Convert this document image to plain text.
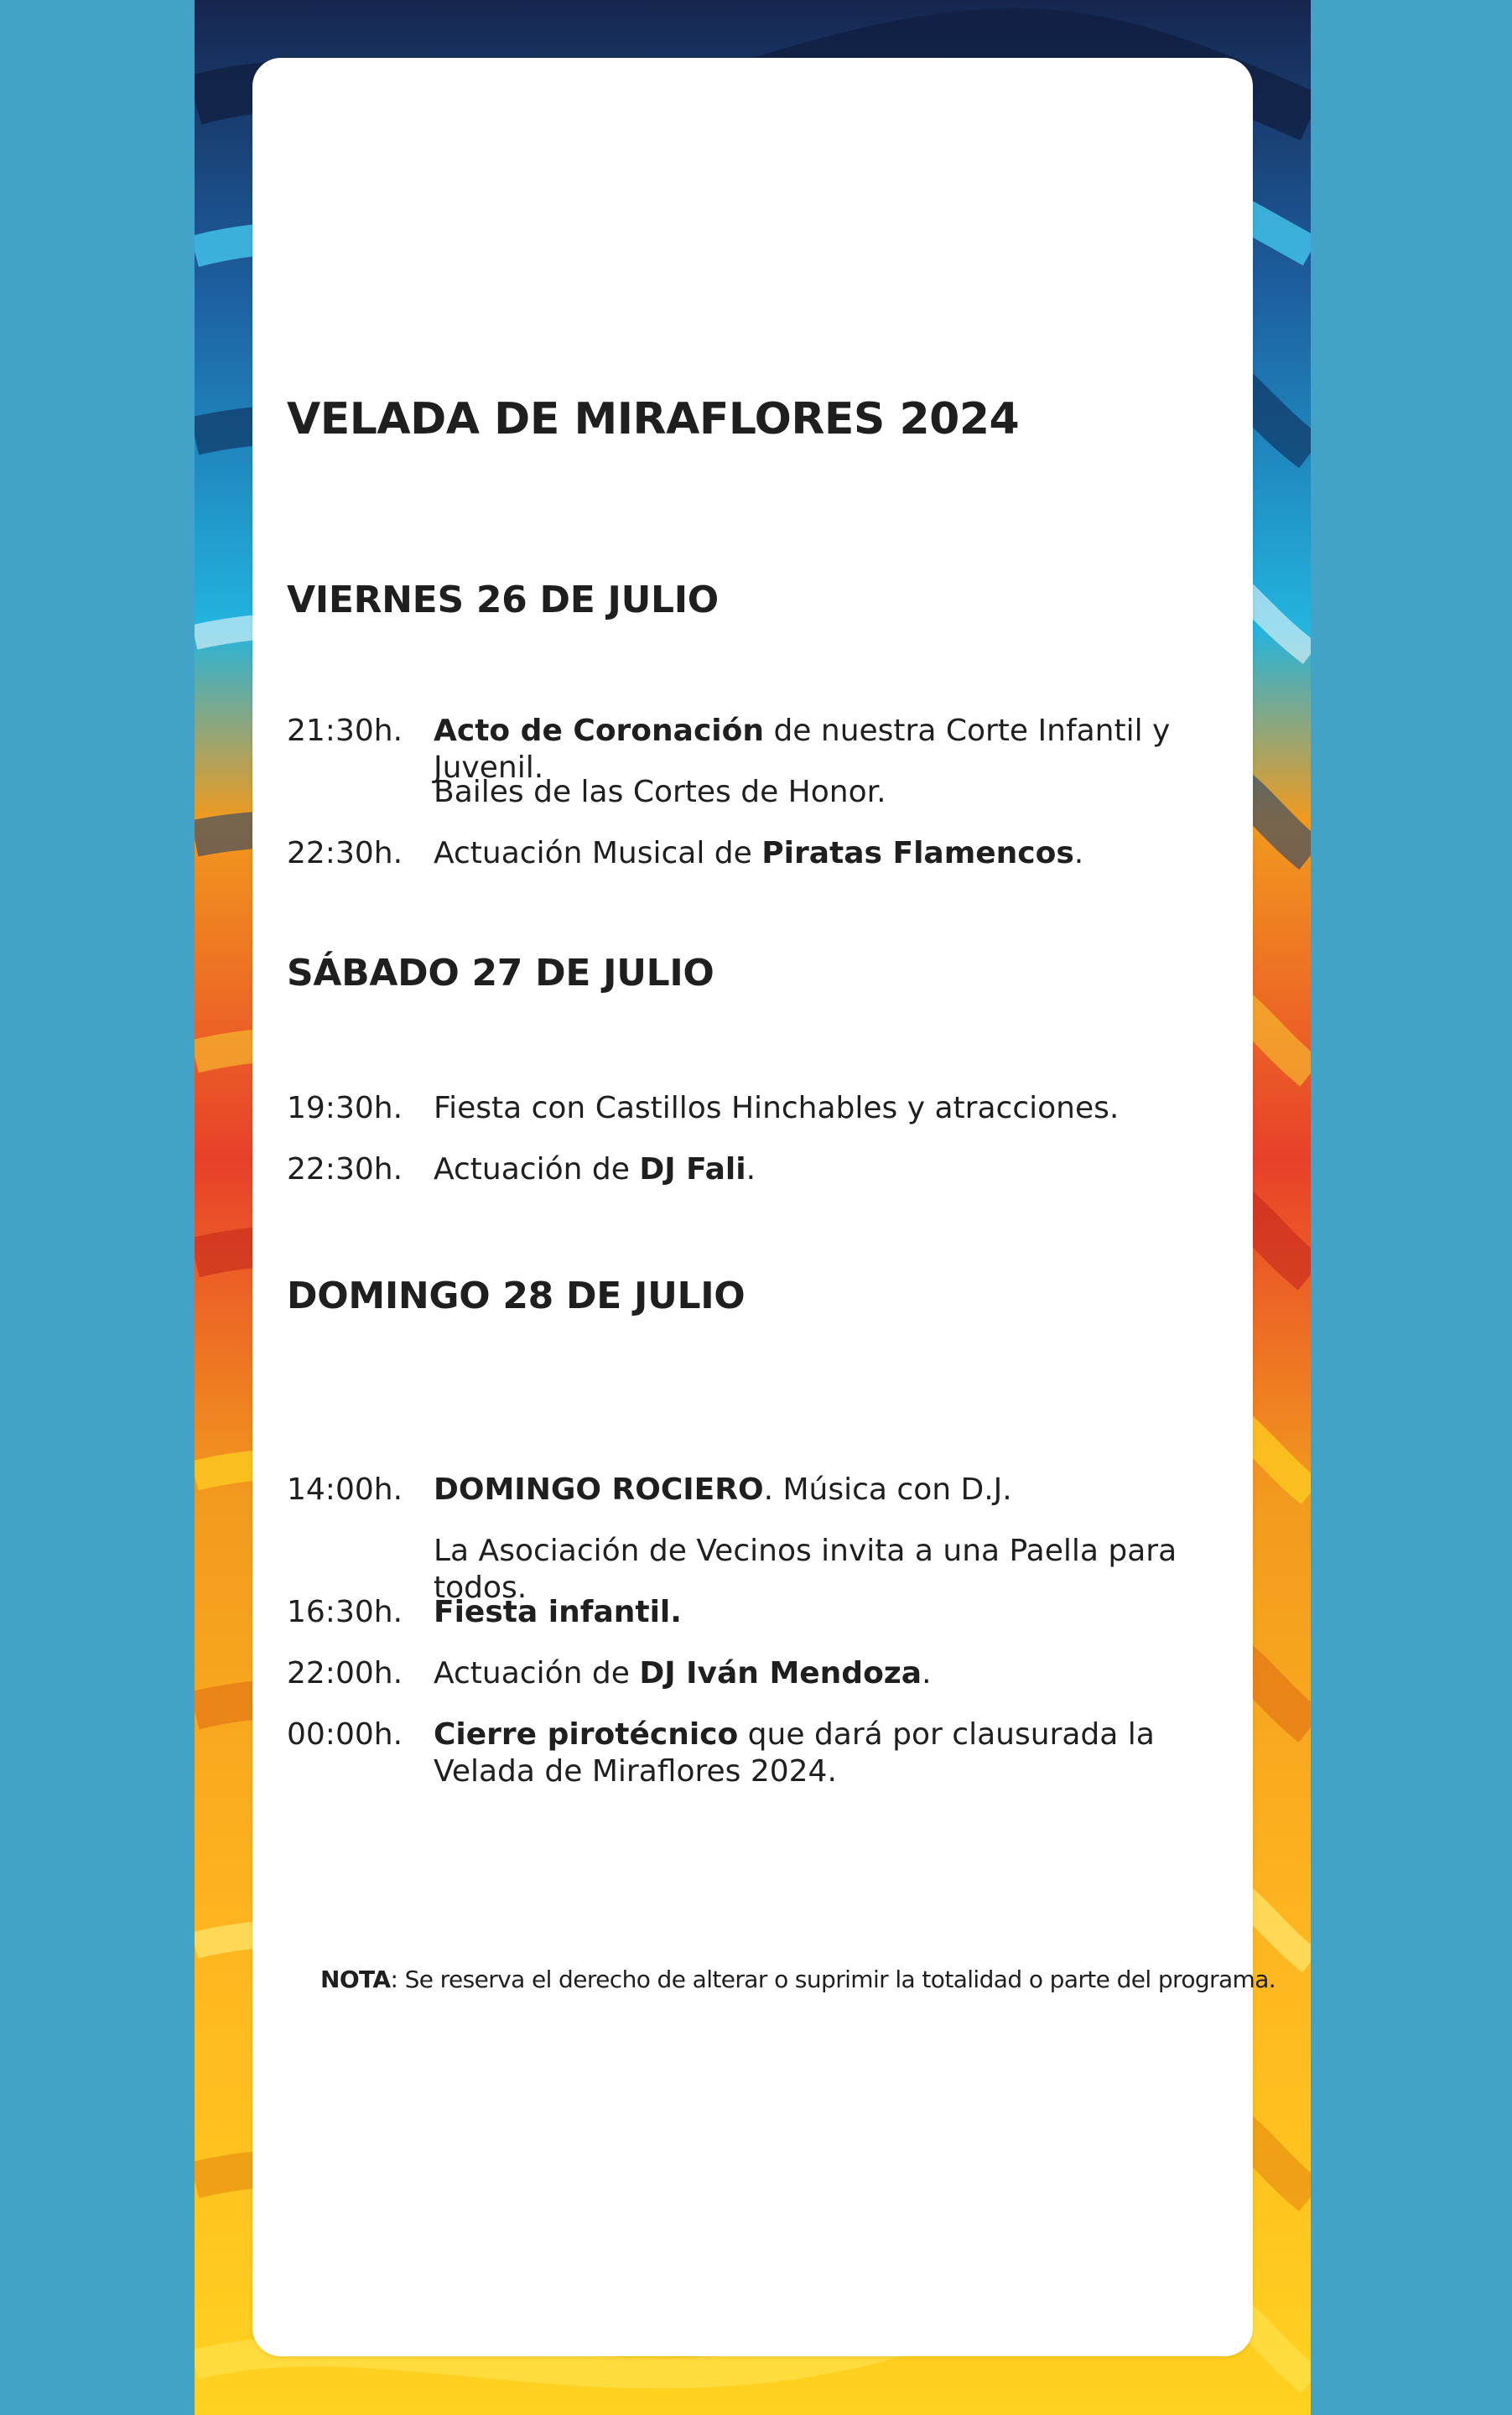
VELADA DE MIRAFLORES 2024
VIERNES 26 DE JULIO
21:30h.	Acto de Coronación de nuestra Corte Infantil y Juvenil.
Bailes de las Cortes de Honor.
22:30h.	Actuación Musical de Piratas Flamencos.
SÁBADO 27 DE JULIO
19:30h.	Fiesta con Castillos Hinchables y atracciones.
22:30h.	Actuación de DJ Fali.
DOMINGO 28 DE JULIO
14:00h.	DOMINGO ROCIERO. Música con D.J.
La Asociación de Vecinos invita a una Paella para todos.
16:30h.	Fiesta infantil.
22:00h.	Actuación de DJ Iván Mendoza.
00:00h.	Cierre pirotécnico que dará por clausurada la Velada de Miraflores 2024.
NOTA: Se reserva el derecho de alterar o suprimir la totalidad o parte del programa.
